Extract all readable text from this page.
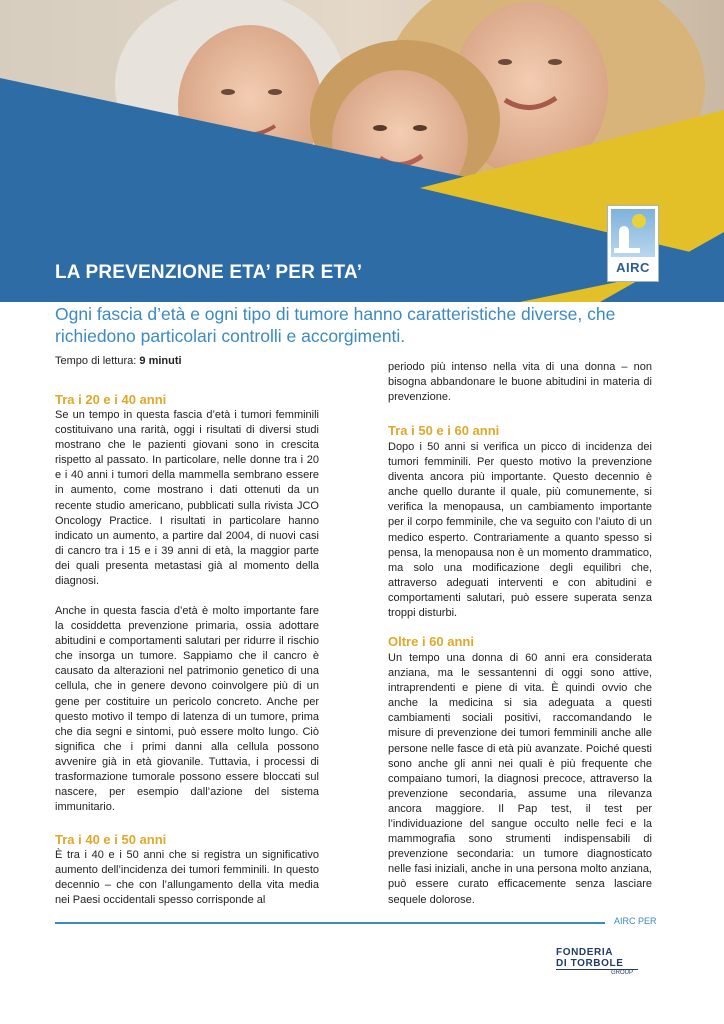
LA PREVENZIONE ETA’ PER ETA’	AIRC
Ogni fascia d’età e ogni tipo di tumore hanno caratteristiche diverse, che richiedono particolari controlli e accorgimenti.
Tempo di lettura: 9 minuti
Tra i 20 e i 40 anni
Se un tempo in questa fascia d’età i tumori femminili costituivano una rarità, oggi i risultati di diversi studi mostrano che le pazienti giovani sono in crescita rispetto al passato. In particolare, nelle donne tra i 20 e i 40 anni i tumori della mammella sembrano essere in aumento, come mostrano i dati ottenuti da un recente studio americano, pubblicati sulla rivista JCO Oncology Practice. I risultati in particolare hanno indicato un aumento, a partire dal 2004, di nuovi casi di cancro tra i 15 e i 39 anni di età, la maggior parte dei quali presenta metastasi già al momento della diagnosi.
Anche in questa fascia d’età è molto importante fare la cosiddetta prevenzione primaria, ossia adottare abitudini e comportamenti salutari per ridurre il rischio che insorga un tumore. Sappiamo che il cancro è causato da alterazioni nel patrimonio genetico di una cellula, che in genere devono coinvolgere più di un gene per costituire un pericolo concreto. Anche per questo motivo il tempo di latenza di un tumore, prima che dia segni e sintomi, può essere molto lungo. Ciò significa che i primi danni alla cellula possono avvenire già in età giovanile. Tuttavia, i processi di trasformazione tumorale possono essere bloccati sul nascere, per esempio dall’azione del sistema immunitario.
Tra i 40 e i 50 anni
È tra i 40 e i 50 anni che si registra un significativo aumento dell’incidenza dei tumori femminili. In questo decennio – che con l’allungamento della vita media nei Paesi occidentali spesso corrisponde al
periodo più intenso nella vita di una donna – non bisogna abbandonare le buone abitudini in materia di prevenzione.
Tra i 50 e i 60 anni
Dopo i 50 anni si verifica un picco di incidenza dei tumori femminili. Per questo motivo la prevenzione diventa ancora più importante. Questo decennio è anche quello durante il quale, più comunemente, si verifica la menopausa, un cambiamento importante per il corpo femminile, che va seguito con l’aiuto di un medico esperto. Contrariamente a quanto spesso si pensa, la menopausa non è un momento drammatico, ma solo una modificazione degli equilibri che, attraverso adeguati interventi e con abitudini e comportamenti salutari, può essere superata senza troppi disturbi.
Oltre i 60 anni
Un tempo una donna di 60 anni era considerata anziana, ma le sessantenni di oggi sono attive, intraprendenti e piene di vita. È quindi ovvio che anche la medicina si sia adeguata a questi cambiamenti sociali positivi, raccomandando le misure di prevenzione dei tumori femminili anche alle persone nelle fasce di età più avanzate. Poiché questi sono anche gli anni nei quali è più frequente che compaiano tumori, la diagnosi precoce, attraverso la prevenzione secondaria, assume una rilevanza ancora maggiore. Il Pap test, il test per l’individuazione del sangue occulto nelle feci e la mammografia sono strumenti indispensabili di prevenzione secondaria: un tumore diagnosticato nelle fasi iniziali, anche in una persona molto anziana, può essere curato efficacemente senza lasciare sequele dolorose.
AIRC PER
FONDERIA
DI TORBOLE
GROUP
